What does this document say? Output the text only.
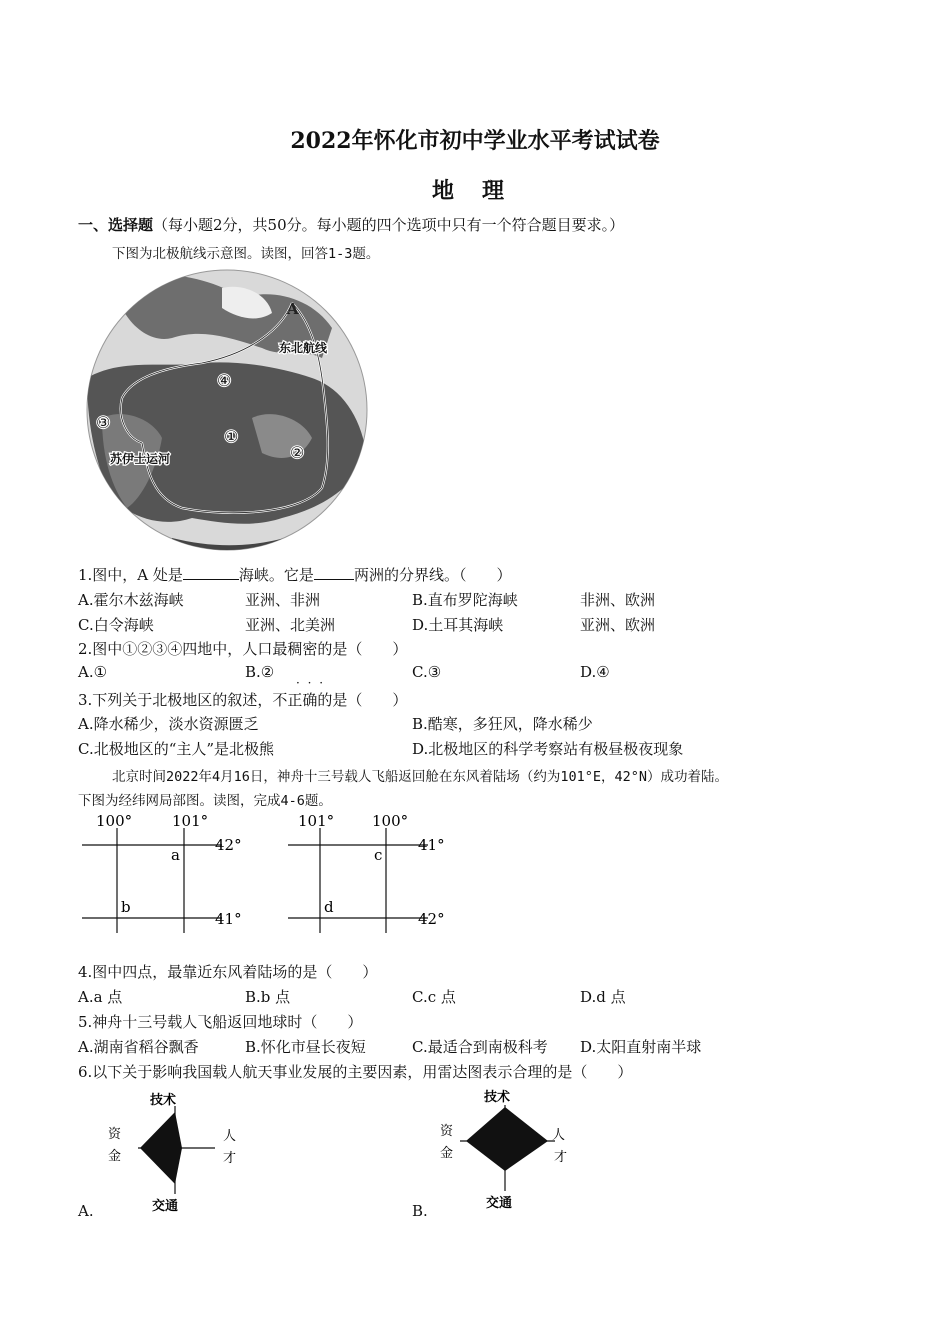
2022年怀化市初中学业水平考试试卷
地理
一、选择题（每小题2分，共50分。每小题的四个选项中只有一个符合题目要求。）
下图为北极航线示意图。读图，回答1-3题。
A
东北航线
苏伊士运河
①
②
③
④
1.图中，A 处是	海峡。它是	两洲的分界线。（　　）
A.霍尔木兹海峡	亚洲、非洲	B.直布罗陀海峡	非洲、欧洲
C.白令海峡	亚洲、北美洲	D.土耳其海峡	亚洲、欧洲
2.图中①②③④四地中，人口最稠密的是（　　）
A.①	B.②	C.③	D.④
· · ·
3.下列关于北极地区的叙述，不正确的是（　　）
A.降水稀少，淡水资源匮乏	B.酷寒，多狂风，降水稀少
C.北极地区的“主人”是北极熊	D.北极地区的科学考察站有极昼极夜现象
北京时间2022年4月16日，神舟十三号载人飞船返回舱在东风着陆场（约为101°E，42°N）成功着陆。
下图为经纬网局部图。读图，完成4-6题。
100°	101°
42°
41°
a
b
101°	100°
41°
42°
c
d
4.图中四点，最靠近东风着陆场的是（　　）
A.a 点	B.b 点	C.c 点	D.d 点
5.神舟十三号载人飞船返回地球时（　　）
A.湖南省稻谷飘香	B.怀化市昼长夜短	C.最适合到南极科考 D.太阳直射南半球
6.以下关于影响我国载人航天事业发展的主要因素，用雷达图表示合理的是（　　）
技术
资
金
人
才
交通
A.
技术
资
金
人
才
交通
B.
